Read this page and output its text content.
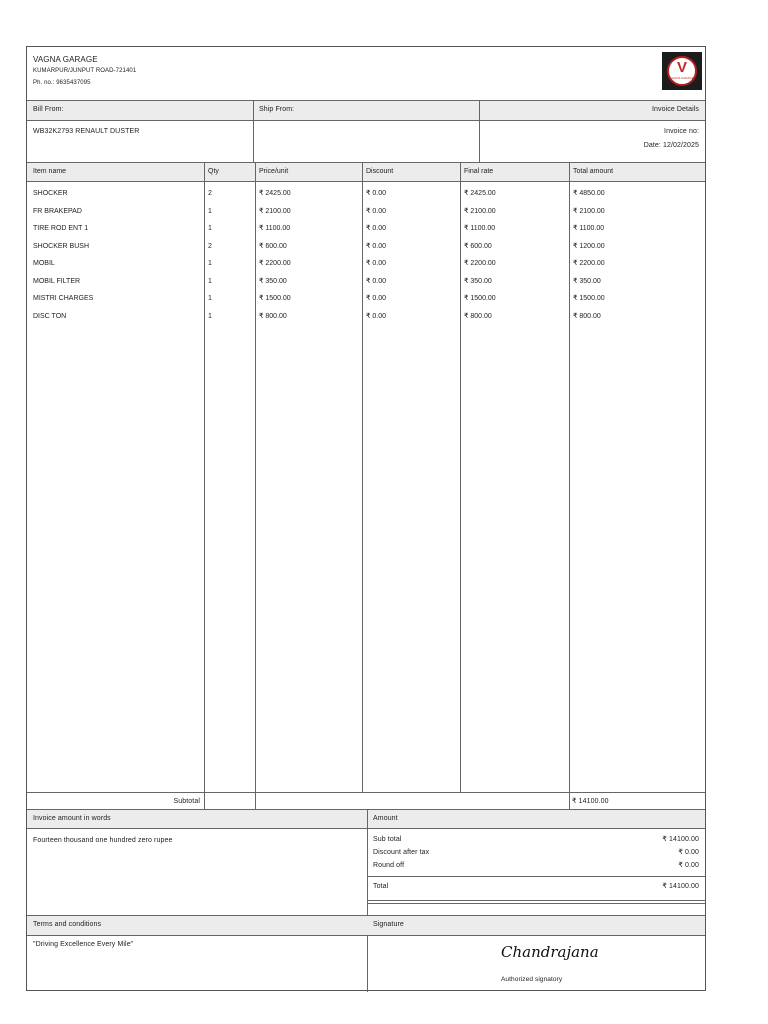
VAGNA GARAGE
KUMARPUR/JUNPUT ROAD-721401
Ph. no.: 9635437095
V
VAGNA GARAGE
Bill From:	Ship From:	Invoice Details
WB32K2793 RENAULT DUSTER	Invoice no:
Date: 12/02/2025
Item name	Qty	Price/unit	Discount	Final rate	Total amount
SHOCKER	2	₹ 2425.00	₹ 0.00	₹ 2425.00	₹ 4850.00
FR BRAKEPAD	1	₹ 2100.00	₹ 0.00	₹ 2100.00	₹ 2100.00
TIRE ROD ENT 1	1	₹ 1100.00	₹ 0.00	₹ 1100.00	₹ 1100.00
SHOCKER BUSH	2	₹ 600.00	₹ 0.00	₹ 600.00	₹ 1200.00
MOBIL	1	₹ 2200.00	₹ 0.00	₹ 2200.00	₹ 2200.00
MOBIL FILTER	1	₹ 350.00	₹ 0.00	₹ 350.00	₹ 350.00
MISTRI CHARGES	1	₹ 1500.00	₹ 0.00	₹ 1500.00	₹ 1500.00
DISC TON	1	₹ 800.00	₹ 0.00	₹ 800.00	₹ 800.00
Subtotal	₹ 14100.00
Invoice amount in words	Amount
Fourteen thousand one hundred zero rupee	Sub total	₹ 14100.00
Discount after tax	₹ 0.00
Round off	₹ 0.00
Total	₹ 14100.00
Terms and conditions	Signature
"Driving Excellence Every Mile"	Chandrajana
Authorized signatory
